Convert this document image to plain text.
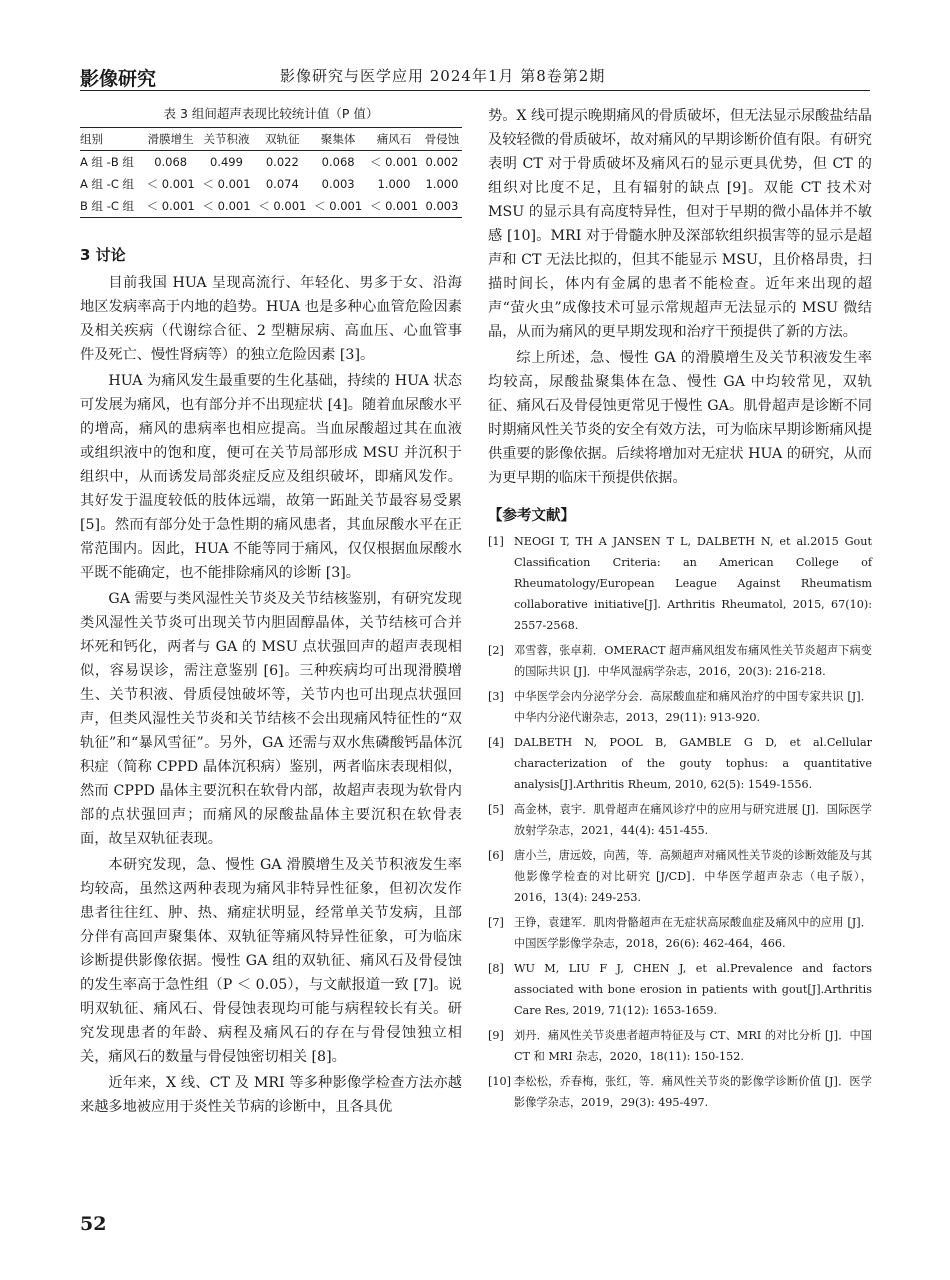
影像研究	影像研究与医学应用 2024年1月 第8卷第2期
表 3 组间超声表现比较统计值（P 值）
组别	滑膜增生	关节积液	双轨征	聚集体	痛风石	骨侵蚀
A 组 -B 组	0.068	0.499	0.022	0.068	＜ 0.001	0.002
A 组 -C 组	＜ 0.001	＜ 0.001	0.074	0.003	1.000	1.000
B 组 -C 组	＜ 0.001	＜ 0.001	＜ 0.001	＜ 0.001	＜ 0.001	0.003
3 讨论

目前我国 HUA 呈现高流行、年轻化、男多于女、沿海地区发病率高于内地的趋势。HUA 也是多种心血管危险因素及相关疾病（代谢综合征、2 型糖尿病、高血压、心血管事件及死亡、慢性肾病等）的独立危险因素 [3]。

HUA 为痛风发生最重要的生化基础，持续的 HUA 状态可发展为痛风，也有部分并不出现症状 [4]。随着血尿酸水平的增高，痛风的患病率也相应提高。当血尿酸超过其在血液或组织液中的饱和度，便可在关节局部形成 MSU 并沉积于组织中，从而诱发局部炎症反应及组织破坏，即痛风发作。其好发于温度较低的肢体远端，故第一跖趾关节最容易受累 [5]。然而有部分处于急性期的痛风患者，其血尿酸水平在正常范围内。因此，HUA 不能等同于痛风，仅仅根据血尿酸水平既不能确定，也不能排除痛风的诊断 [3]。

GA 需要与类风湿性关节炎及关节结核鉴别，有研究发现类风湿性关节炎可出现关节内胆固醇晶体，关节结核可合并坏死和钙化，两者与 GA 的 MSU 点状强回声的超声表现相似，容易误诊，需注意鉴别 [6]。三种疾病均可出现滑膜增生、关节积液、骨质侵蚀破坏等，关节内也可出现点状强回声，但类风湿性关节炎和关节结核不会出现痛风特征性的“双轨征”和“暴风雪征”。另外，GA 还需与双水焦磷酸钙晶体沉积症（简称 CPPD 晶体沉积病）鉴别，两者临床表现相似，然而 CPPD 晶体主要沉积在软骨内部，故超声表现为软骨内部的点状强回声；而痛风的尿酸盐晶体主要沉积在软骨表面，故呈双轨征表现。

本研究发现，急、慢性 GA 滑膜增生及关节积液发生率均较高，虽然这两种表现为痛风非特异性征象，但初次发作患者往往红、肿、热、痛症状明显，经常单关节发病，且部分伴有高回声聚集体、双轨征等痛风特异性征象，可为临床诊断提供影像依据。慢性 GA 组的双轨征、痛风石及骨侵蚀的发生率高于急性组（P ＜ 0.05），与文献报道一致 [7]。说明双轨征、痛风石、骨侵蚀表现均可能与病程较长有关。研究发现患者的年龄、病程及痛风石的存在与骨侵蚀独立相关，痛风石的数量与骨侵蚀密切相关 [8]。

近年来，X 线、CT 及 MRI 等多种影像学检查方法亦越来越多地被应用于炎性关节病的诊断中，且各具优

势。X 线可提示晚期痛风的骨质破坏，但无法显示尿酸盐结晶及较轻微的骨质破坏，故对痛风的早期诊断价值有限。有研究表明 CT 对于骨质破坏及痛风石的显示更具优势，但 CT 的组织对比度不足，且有辐射的缺点 [9]。双能 CT 技术对 MSU 的显示具有高度特异性，但对于早期的微小晶体并不敏感 [10]。MRI 对于骨髓水肿及深部软组织损害等的显示是超声和 CT 无法比拟的，但其不能显示 MSU，且价格昂贵，扫描时间长，体内有金属的患者不能检查。近年来出现的超声“萤火虫”成像技术可显示常规超声无法显示的 MSU 微结晶，从而为痛风的更早期发现和治疗干预提供了新的方法。

综上所述，急、慢性 GA 的滑膜增生及关节积液发生率均较高，尿酸盐聚集体在急、慢性 GA 中均较常见，双轨征、痛风石及骨侵蚀更常见于慢性 GA。肌骨超声是诊断不同时期痛风性关节炎的安全有效方法，可为临床早期诊断痛风提供重要的影像依据。后续将增加对无症状 HUA 的研究，从而为更早期的临床干预提供依据。

【参考文献】
[1] NEOGI T, TH A JANSEN T L, DALBETH N, et al.2015 Gout Classification Criteria: an American College of Rheumatology/European League Against Rheumatism collaborative initiative[J]. Arthritis Rheumatol, 2015, 67(10): 2557-2568.
[2] 邓雪蓉，张卓莉．OMERACT 超声痛风组发布痛风性关节炎超声下病变的国际共识 [J]．中华风湿病学杂志，2016，20(3): 216-218.
[3] 中华医学会内分泌学分会．高尿酸血症和痛风治疗的中国专家共识 [J]．中华内分泌代谢杂志，2013，29(11): 913-920.
[4] DALBETH N, POOL B, GAMBLE G D, et al.Cellular characterization of the gouty tophus: a quantitative analysis[J].Arthritis Rheum, 2010, 62(5): 1549-1556.
[5] 高金林，袁宇．肌骨超声在痛风诊疗中的应用与研究进展 [J]．国际医学放射学杂志，2021，44(4): 451-455.
[6] 唐小兰，唐远姣，向茜，等．高频超声对痛风性关节炎的诊断效能及与其他影像学检查的对比研究 [J/CD]．中华医学超声杂志（电子版），2016，13(4): 249-253.
[7] 王铮，袁建军．肌肉骨骼超声在无症状高尿酸血症及痛风中的应用 [J]．中国医学影像学杂志，2018，26(6): 462-464，466.
[8] WU M, LIU F J, CHEN J, et al.Prevalence and factors associated with bone erosion in patients with gout[J].Arthritis Care Res, 2019, 71(12): 1653-1659.
[9] 刘丹．痛风性关节炎患者超声特征及与 CT、MRI 的对比分析 [J]．中国 CT 和 MRI 杂志，2020，18(11): 150-152.
[10] 李松松，乔春梅，张红，等．痛风性关节炎的影像学诊断价值 [J]．医学影像学杂志，2019，29(3): 495-497.
52
